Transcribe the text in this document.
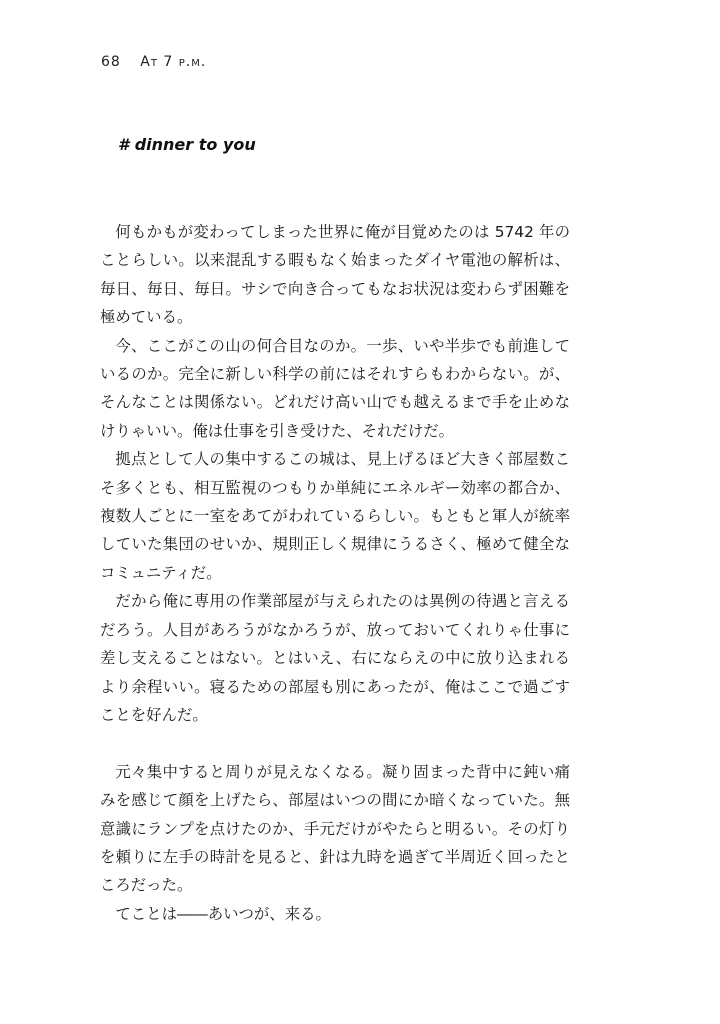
68 At 7 p.m.
# dinner to you

何もかもが変わってしまった世界に俺が目覚めたのは 5742 年のことらしい。以来混乱する暇もなく始まったダイヤ電池の解析は、毎日、毎日、毎日。サシで向き合ってもなお状況は変わらず困難を極めている。

今、ここがこの山の何合目なのか。一歩、いや半歩でも前進しているのか。完全に新しい科学の前にはそれすらもわからない。が、そんなことは関係ない。どれだけ高い山でも越えるまで手を止めなけりゃいい。俺は仕事を引き受けた、それだけだ。

拠点として人の集中するこの城は、見上げるほど大きく部屋数こそ多くとも、相互監視のつもりか単純にエネルギー効率の都合か、複数人ごとに一室をあてがわれているらしい。もともと軍人が統率していた集団のせいか、規則正しく規律にうるさく、極めて健全なコミュニティだ。

だから俺に専用の作業部屋が与えられたのは異例の待遇と言えるだろう。人目があろうがなかろうが、放っておいてくれりゃ仕事に差し支えることはない。とはいえ、右にならえの中に放り込まれるより余程いい。寝るための部屋も別にあったが、俺はここで過ごすことを好んだ。

元々集中すると周りが見えなくなる。凝り固まった背中に鈍い痛みを感じて顔を上げたら、部屋はいつの間にか暗くなっていた。無意識にランプを点けたのか、手元だけがやたらと明るい。その灯りを頼りに左手の時計を見ると、針は九時を過ぎて半周近く回ったところだった。

てことは――あいつが、来る。
